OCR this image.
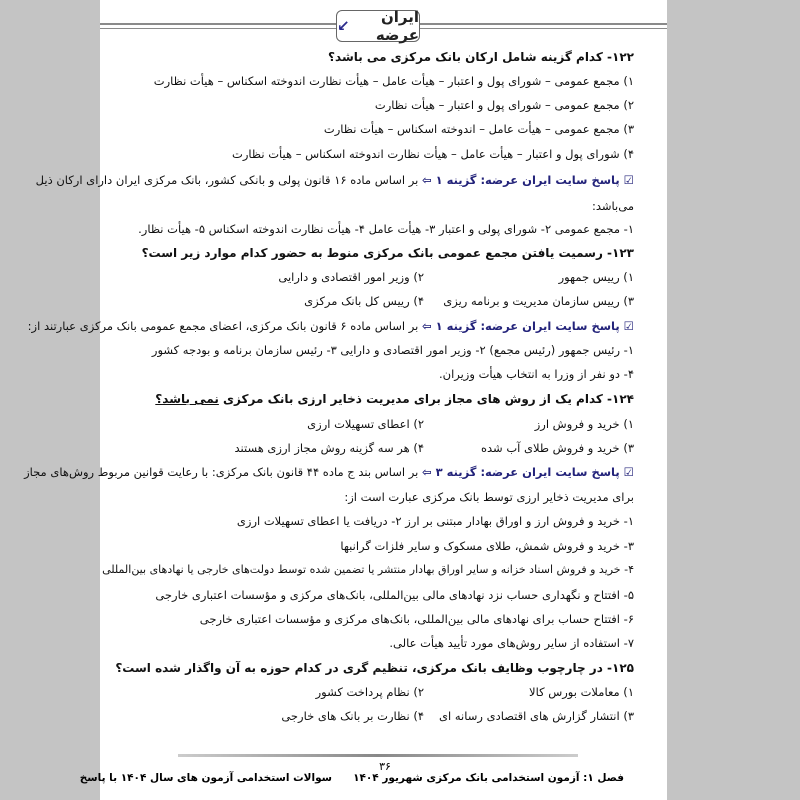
ایران عرضه
↙
۱۲۲- کدام گزینه شامل ارکان بانک مرکزی می باشد؟
۱) مجمع عمومی – شورای پول و اعتبار – هیأت عامل – هیأت نظارت اندوخته اسکناس – هیأت نظارت
۲) مجمع عمومی – شورای پول و اعتبار – هیأت نظارت
۳) مجمع عمومی – هیأت عامل – اندوخته اسکناس – هیأت نظارت
۴) شورای پول و اعتبار – هیأت عامل – هیأت نظارت اندوخته اسکناس – هیأت نظارت
☑ پاسخ سایت ایران عرضه: گزینه ۱ ⇦ بر اساس ماده ۱۶ قانون پولی و بانکی کشور، بانک مرکزی ایران دارای ارکان ذیل
می‌باشد:
۱- مجمع عمومی ۲- شورای پولی و اعتبار ۳- هیأت عامل ۴- هیأت نظارت اندوخته اسکناس ۵- هیأت نظار.
۱۲۳- رسمیت یافتن مجمع عمومی بانک مرکزی منوط به حضور کدام موارد زیر است؟
۱) رییس جمهور
۲) وزیر امور اقتصادی و دارایی
۳) رییس سازمان مدیریت و برنامه ریزی
۴) رییس کل بانک مرکزی
☑ پاسخ سایت ایران عرضه: گزینه ۱ ⇦ بر اساس ماده ۶ قانون بانک مرکزی، اعضای مجمع عمومی بانک مرکزی عبارتند از:
۱- رئیس جمهور (رئیس مجمع) ۲- وزیر امور اقتصادی و دارایی ۳- رئیس سازمان برنامه و بودجه کشور
۴- دو نفر از وزرا به انتخاب هیأت وزیران.
۱۲۴- کدام یک از روش های مجاز برای مدیریت ذخایر ارزی بانک مرکزی نمی باشد؟
۱) خرید و فروش ارز
۲) اعطای تسهیلات ارزی
۳) خرید و فروش طلای آب شده
۴) هر سه گزینه روش مجاز ارزی هستند
☑ پاسخ سایت ایران عرضه: گزینه ۳ ⇦ بر اساس بند ج ماده ۴۴ قانون بانک مرکزی: با رعایت قوانین مربوط روش‌های مجاز
برای مدیریت ذخایر ارزی توسط بانک مرکزی عبارت است از:
۱- خرید و فروش ارز و اوراق بهادار مبتنی بر ارز ۲- دریافت یا اعطای تسهیلات ارزی
۳- خرید و فروش شمش، طلای مسکوک و سایر فلزات گرانبها
۴- خرید و فروش اسناد خزانه و سایر اوراق بهادار منتشر یا تضمین شده توسط دولت‌های خارجی یا نهادهای بین‌المللی
۵- افتتاح و نگهداری حساب نزد نهادهای مالی بین‌المللی، بانک‌های مرکزی و مؤسسات اعتباری خارجی
۶- افتتاح حساب برای نهادهای مالی بین‌المللی، بانک‌های مرکزی و مؤسسات اعتباری خارجی
۷- استفاده از سایر روش‌های مورد تأیید هیأت عالی.
۱۲۵- در چارچوب وظایف بانک مرکزی، تنظیم گری در کدام حوزه به آن واگذار شده است؟
۱) معاملات بورس کالا
۲) نظام پرداخت کشور
۳) انتشار گزارش های اقتصادی رسانه ای
۴) نظارت بر بانک های خارجی
۳۶
فصل ۱: آزمون استخدامی بانک مرکزی شهریور ۱۴۰۴
سوالات استخدامی آزمون های سال ۱۴۰۴ با پاسخ
